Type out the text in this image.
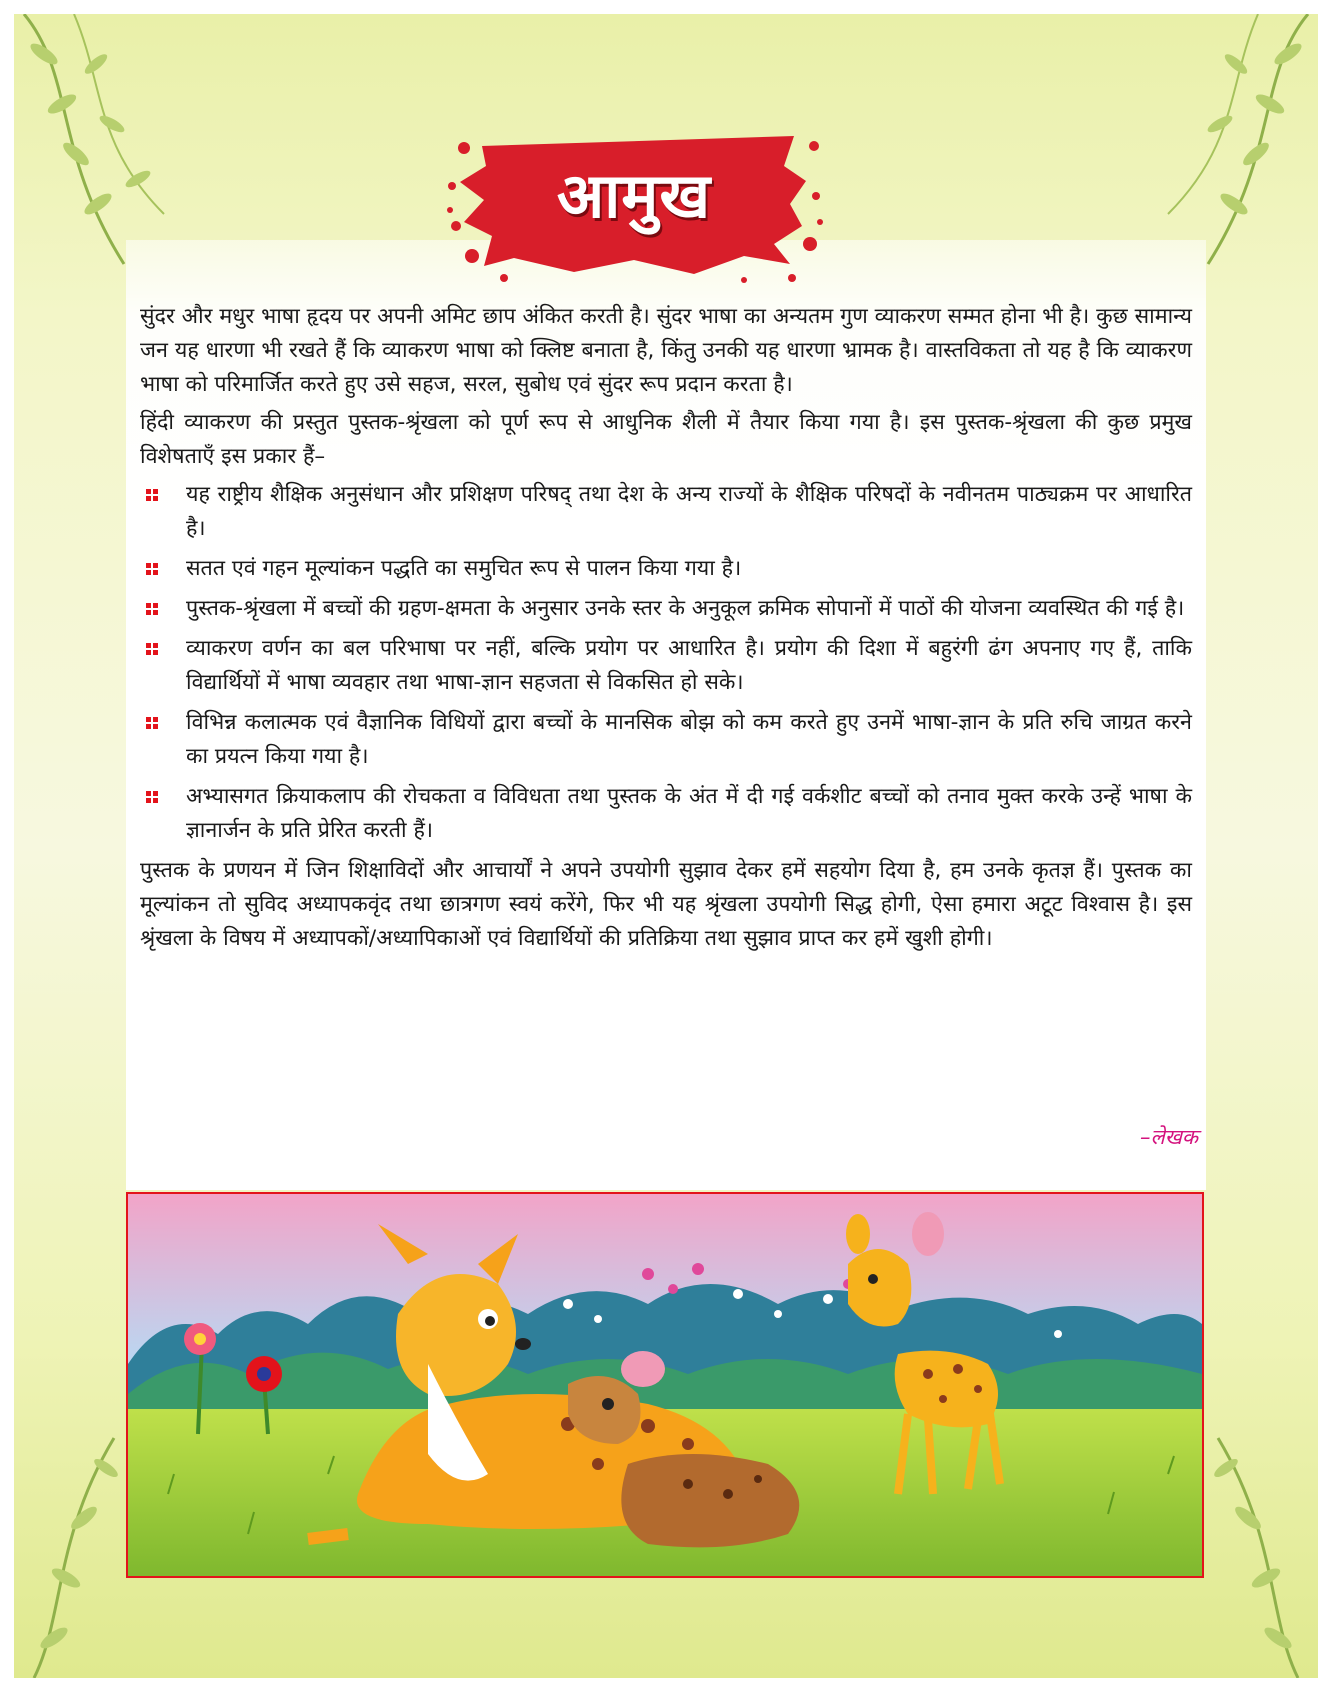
आमुख

सुंदर और मधुर भाषा हृदय पर अपनी अमिट छाप अंकित करती है। सुंदर भाषा का अन्यतम गुण व्याकरण सम्मत होना भी है। कुछ सामान्य जन यह धारणा भी रखते हैं कि व्याकरण भाषा को क्लिष्ट बनाता है, किंतु उनकी यह धारणा भ्रामक है। वास्तविकता तो यह है कि व्याकरण भाषा को परिमार्जित करते हुए उसे सहज, सरल, सुबोध एवं सुंदर रूप प्रदान करता है।

हिंदी व्याकरण की प्रस्तुत पुस्तक-श्रृंखला को पूर्ण रूप से आधुनिक शैली में तैयार किया गया है। इस पुस्तक-श्रृंखला की कुछ प्रमुख विशेषताएँ इस प्रकार हैं–

यह राष्ट्रीय शैक्षिक अनुसंधान और प्रशिक्षण परिषद् तथा देश के अन्य राज्यों के शैक्षिक परिषदों के नवीनतम पाठ्यक्रम पर आधारित है।
सतत एवं गहन मूल्यांकन पद्धति का समुचित रूप से पालन किया गया है।
पुस्तक-श्रृंखला में बच्चों की ग्रहण-क्षमता के अनुसार उनके स्तर के अनुकूल क्रमिक सोपानों में पाठों की योजना व्यवस्थित की गई है।
व्याकरण वर्णन का बल परिभाषा पर नहीं, बल्कि प्रयोग पर आधारित है। प्रयोग की दिशा में बहुरंगी ढंग अपनाए गए हैं, ताकि विद्यार्थियों में भाषा व्यवहार तथा भाषा-ज्ञान सहजता से विकसित हो सके।
विभिन्न कलात्मक एवं वैज्ञानिक विधियों द्वारा बच्चों के मानसिक बोझ को कम करते हुए उनमें भाषा-ज्ञान के प्रति रुचि जाग्रत करने का प्रयत्न किया गया है।
अभ्यासगत क्रियाकलाप की रोचकता व विविधता तथा पुस्तक के अंत में दी गई वर्कशीट बच्चों को तनाव मुक्त करके उन्हें भाषा के ज्ञानार्जन के प्रति प्रेरित करती हैं।

पुस्तक के प्रणयन में जिन शिक्षाविदों और आचार्यों ने अपने उपयोगी सुझाव देकर हमें सहयोग दिया है, हम उनके कृतज्ञ हैं। पुस्तक का मूल्यांकन तो सुविद अध्यापकवृंद तथा छात्रगण स्वयं करेंगे, फिर भी यह श्रृंखला उपयोगी सिद्ध होगी, ऐसा हमारा अटूट विश्वास है। इस श्रृंखला के विषय में अध्यापकों/अध्यापिकाओं एवं विद्यार्थियों की प्रतिक्रिया तथा सुझाव प्राप्त कर हमें खुशी होगी।

–लेखक
